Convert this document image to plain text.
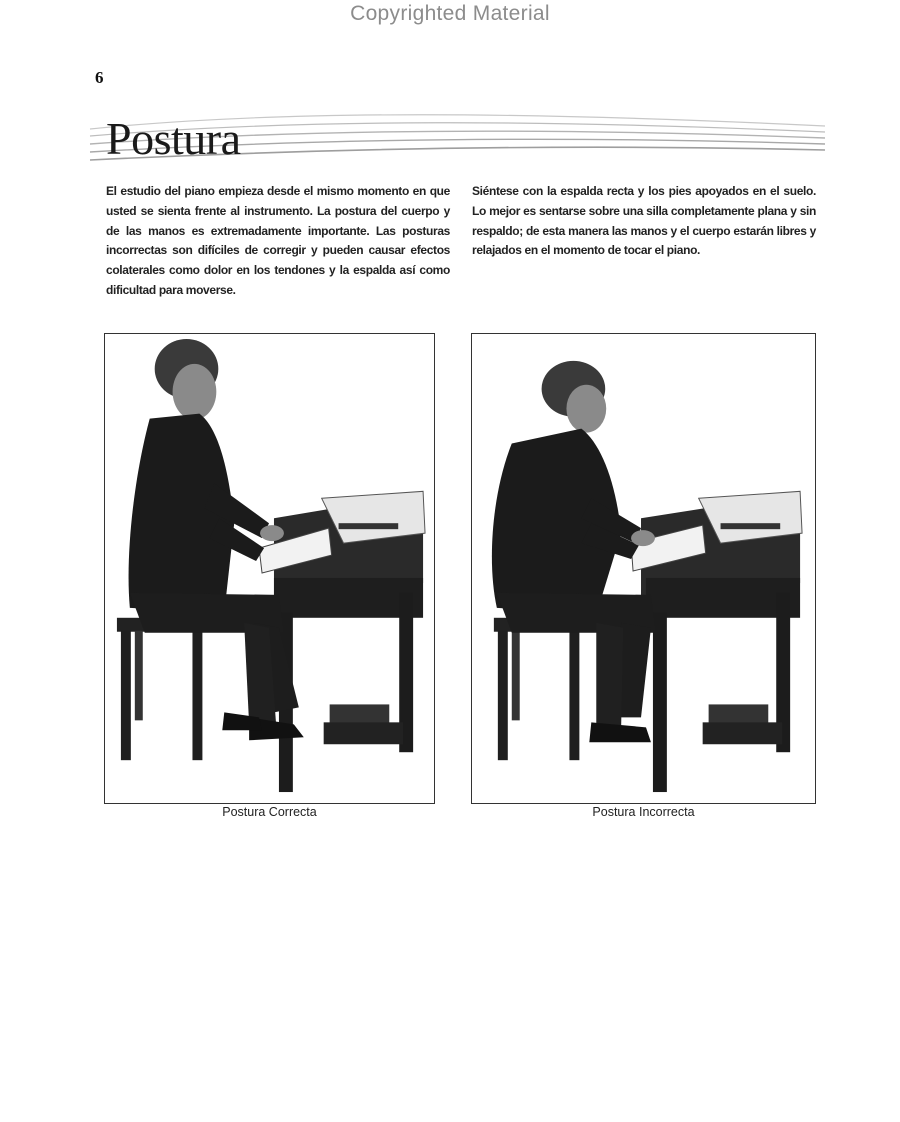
Copyrighted Material
6
Postura
El estudio del piano empieza desde el mismo momento en que usted se sienta frente al instrumento. La postura del cuerpo y de las manos es extremadamente importante. Las posturas incorrectas son difíciles de corregir y pueden causar efectos colaterales como dolor en los tendones y la espalda así como dificultad para moverse.
Siéntese con la espalda recta y los pies apoyados en el suelo. Lo mejor es sentarse sobre una silla completamente plana y sin respaldo; de esta manera las manos y el cuerpo estarán libres y relajados en el momento de tocar el piano.
Postura Correcta	Postura Incorrecta
